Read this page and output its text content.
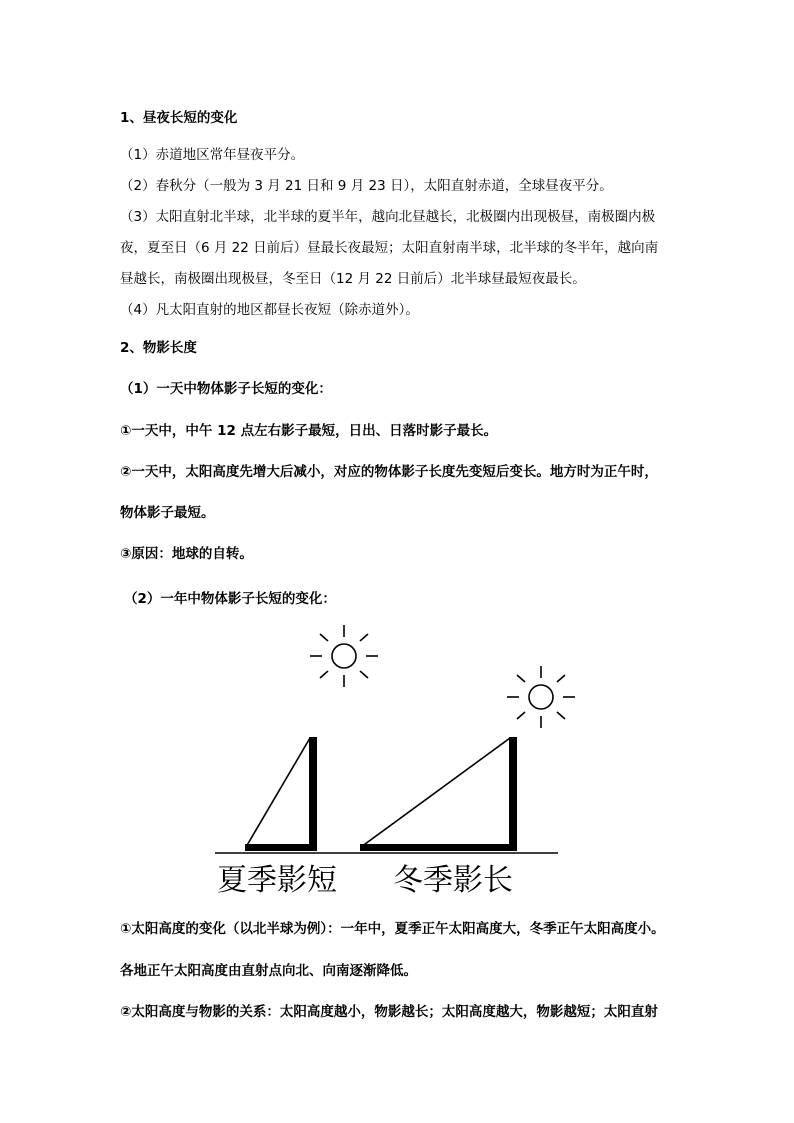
1、昼夜长短的变化
（1）赤道地区常年昼夜平分。
（2）春秋分（一般为 3 月 21 日和 9 月 23 日），太阳直射赤道，全球昼夜平分。
（3）太阳直射北半球，北半球的夏半年，越向北昼越长，北极圈内出现极昼，南极圈内极
夜，夏至日（6 月 22 日前后）昼最长夜最短；太阳直射南半球，北半球的冬半年，越向南
昼越长，南极圈出现极昼，冬至日（12 月 22 日前后）北半球昼最短夜最长。
（4）凡太阳直射的地区都昼长夜短（除赤道外）。
2、物影长度
（1）一天中物体影子长短的变化：
①一天中，中午 12 点左右影子最短，日出、日落时影子最长。
②一天中，太阳高度先增大后减小，对应的物体影子长度先变短后变长。地方时为正午时，
物体影子最短。
③原因：地球的自转。
（2）一年中物体影子长短的变化：
夏季影短 冬季影长
①太阳高度的变化（以北半球为例）：一年中，夏季正午太阳高度大，冬季正午太阳高度小。
各地正午太阳高度由直射点向北、向南逐渐降低。
②太阳高度与物影的关系：太阳高度越小，物影越长；太阳高度越大，物影越短；太阳直射
